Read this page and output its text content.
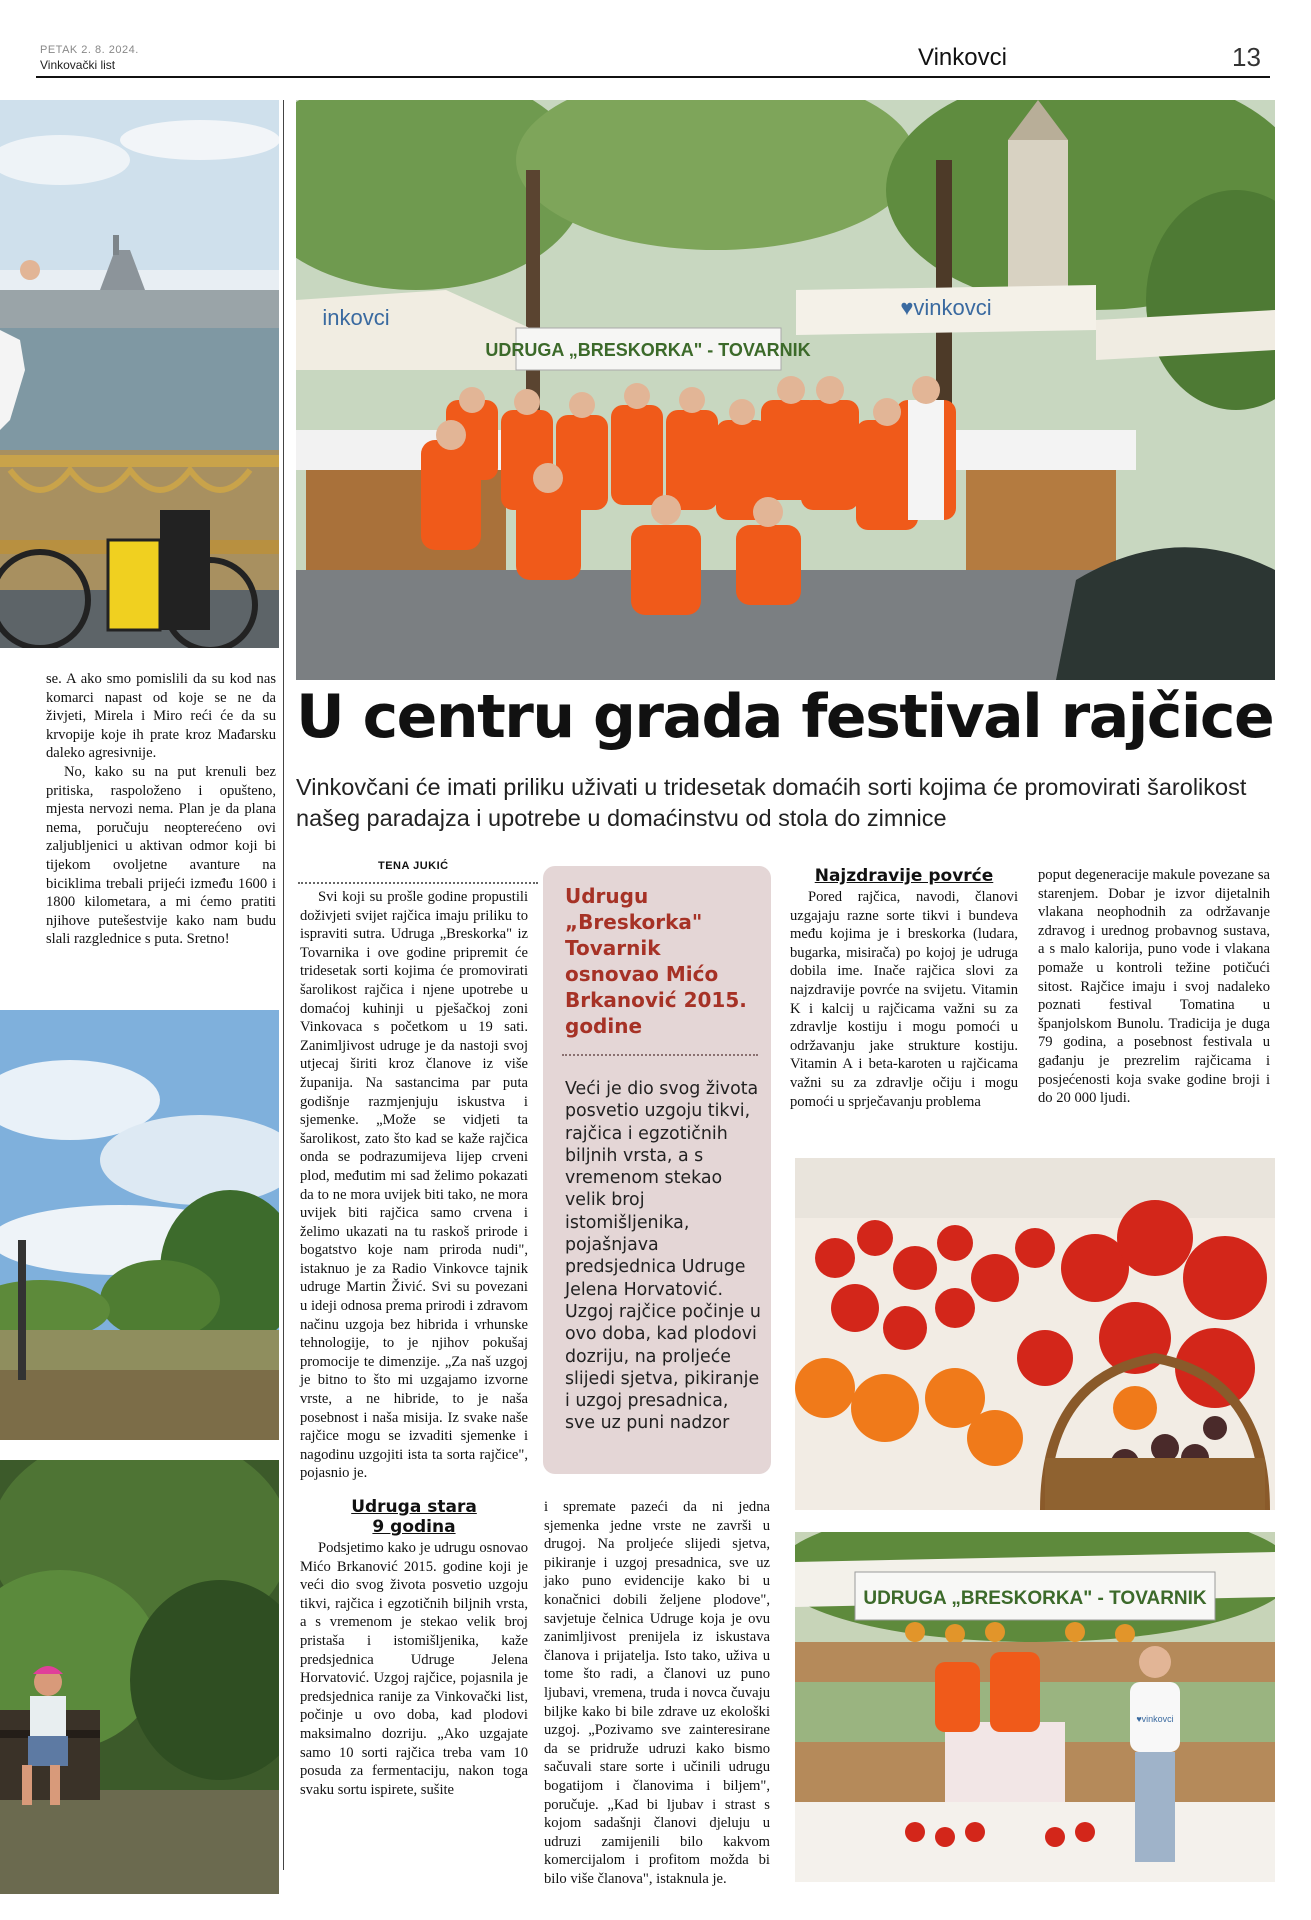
PETAK 2. 8. 2024.
Vinkovački list	Vinkovci	13

se. A ako smo pomislili da su kod nas komarci napast od koje se ne da živjeti, Mirela i Miro reći će da su krvopije koje ih prate kroz Mađarsku daleko agresivnije.

No, kako su na put krenuli bez pritiska, raspoloženo i opušteno, mjesta nervozi nema. Plan je da plana nema, poručuju neopterećeno ovi zaljubljenici u aktivan odmor koji bi tijekom ovoljetne avanture na biciklima trebali prijeći između 1600 i 1800 kilometara, a mi ćemo pratiti njihove putešestvije kako nam budu slali razglednice s puta. Sretno!

UDRUGA „BRESKORKA" - TOVARNIK
inkovci	♥vinkovci
U centru grada festival rajčice
Vinkovčani će imati priliku uživati u tridesetak domaćih sorti kojima će promovirati šarolikost našeg paradajza i upotrebe u domaćinstvu od stola do zimnice
TENA JUKIĆ

Svi koji su prošle godine propustili doživjeti svijet rajčica imaju priliku to ispraviti sutra. Udruga „Breskorka" iz Tovarnika i ove godine pripremit će tridesetak sorti kojima će promovirati šarolikost rajčica i njene upotrebe u domaćoj kuhinji u pješačkoj zoni Vinkovaca s početkom u 19 sati. Zanimljivost udruge je da nastoji svoj utjecaj širiti kroz članove iz više županija. Na sastancima par puta godišnje razmjenjuju iskustva i sjemenke. „Može se vidjeti ta šarolikost, zato što kad se kaže rajčica onda se podrazumijeva lijep crveni plod, međutim mi sad želimo pokazati da to ne mora uvijek biti tako, ne mora uvijek biti rajčica samo crvena i želimo ukazati na tu raskoš prirode i bogatstvo koje nam priroda nudi", istaknuo je za Radio Vinkovce tajnik udruge Martin Živić. Svi su povezani u ideji odnosa prema prirodi i zdravom načinu uzgoja bez hibrida i vrhunske tehnologije, to je njihov pokušaj promocije te dimenzije. „Za naš uzgoj je bitno to što mi uzgajamo izvorne vrste, a ne hibride, to je naša posebnost i naša misija. Iz svake naše rajčice mogu se izvaditi sjemenke i nagodinu uzgojiti ista ta sorta rajčice", pojasnio je.

Udruga stara 9 godina

Podsjetimo kako je udrugu osnovao Mićo Brkanović 2015. godine koji je veći dio svog života posvetio uzgoju tikvi, rajčica i egzotičnih biljnih vrsta, a s vremenom je stekao velik broj pristaša i istomišljenika, kaže predsjednica Udruge Jelena Horvatović. Uzgoj rajčice, pojasnila je predsjednica ranije za Vinkovački list, počinje u ovo doba, kad plodovi maksimalno dozriju. „Ako uzgajate samo 10 sorti rajčica treba vam 10 posuda za fermentaciju, nakon toga svaku sortu ispirete, sušite

Udrugu „Breskorka" Tovarnik osnovao Mićo Brkanović 2015. godine
Veći je dio svog života posvetio uzgoju tikvi, rajčica i egzotičnih biljnih vrsta, a s vremenom stekao velik broj istomišljenika, pojašnjava predsjednica Udruge Jelena Horvatović. Uzgoj rajčice počinje u ovo doba, kad plodovi dozriju, na proljeće slijedi sjetva, pikiranje i uzgoj presadnica, sve uz puni nadzor

i spremate pazeći da ni jedna sjemenka jedne vrste ne završi u drugoj. Na proljeće slijedi sjetva, pikiranje i uzgoj presadnica, sve uz jako puno evidencije kako bi u konačnici dobili željene plodove", savjetuje čelnica Udruge koja je ovu zanimljivost prenijela iz iskustava članova i prijatelja. Isto tako, uživa u tome što radi, a članovi uz puno ljubavi, vremena, truda i novca čuvaju biljke kako bi bile zdrave uz ekološki uzgoj. „Pozivamo sve zainteresirane da se pridruže udruzi kako bismo sačuvali stare sorte i učinili udrugu bogatijom i članovima i biljem", poručuje. „Kad bi ljubav i strast s kojom sadašnji članovi djeluju u udruzi zamijenili bilo kakvom komercijalom i profitom možda bi bilo više članova", istaknula je.

Najzdravije povrće

Pored rajčica, navodi, članovi uzgajaju razne sorte tikvi i bundeva među kojima je i breskorka (ludara, bugarka, misirača) po kojoj je udruga dobila ime. Inače rajčica slovi za najzdravije povrće na svijetu. Vitamin K i kalcij u rajčicama važni su za zdravlje kostiju i mogu pomoći u održavanju jake strukture kostiju. Vitamin A i beta-karoten u rajčicama važni su za zdravlje očiju i mogu pomoći u sprječavanju problema

poput degeneracije makule povezane sa starenjem. Dobar je izvor dijetalnih vlakana neophodnih za održavanje zdravog i urednog probavnog sustava, a s malo kalorija, puno vode i vlakana pomaže u kontroli težine potičući sitost. Rajčice imaju i svoj nadaleko poznati festival Tomatina u španjolskom Bunolu. Tradicija je duga 79 godina, a posebnost festivala u gađanju je prezrelim rajčicama i posjećenosti koja svake godine broji i do 20 000 ljudi.

UDRUGA „BRESKORKA" - TOVARNIK
♥vinkovci
